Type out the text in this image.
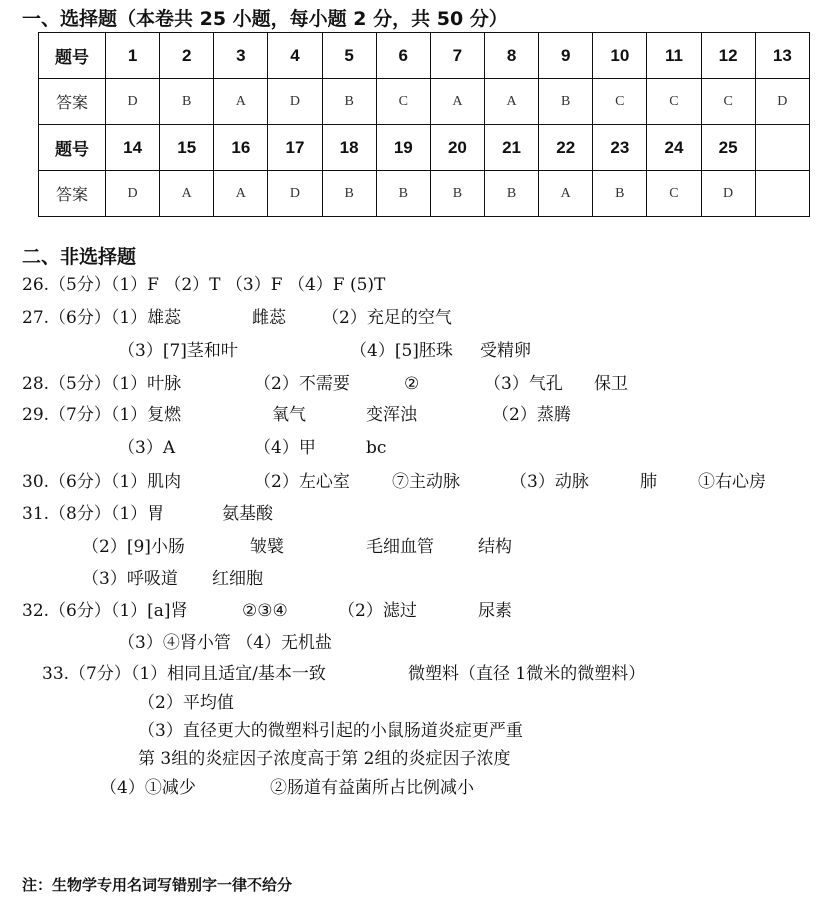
一、选择题（本卷共 25 小题，每小题 2 分，共 50 分）
题号	1	2	3	4	5	6	7	8	9	10	11	12	13
答案	D	B	A	D	B	C	A	A	B	C	C	C	D
题号	14	15	16	17	18	19	20	21	22	23	24	25	
答案	D	A	A	D	B	B	B	B	A	B	C	D	
二、非选择题
26.（5分）（1）F （2）T （3）F （4）F (5)T
27.（6分）（1）雄蕊	雌蕊 （2）充足的空气
（3）[7]茎和叶	（4）[5]胚珠 受精卵
28.（5分）（1）叶脉	（2）不需要	②	（3）气孔 保卫
29.（7分）（1）复燃	氧气	变浑浊	（2）蒸腾
（3）A	（4）甲	bc
30.（6分）（1）肌肉	（2）左心室 ⑦主动脉	（3）动脉	肺 ①右心房
31.（8分）（1）胃	氨基酸
（2）[9]小肠	皱襞	毛细血管	结构
（3）呼吸道 红细胞
32.（6分）（1）[a]肾	②③④	（2）滤过	尿素
（3）④肾小管 （4）无机盐
33.（7分）（1）相同且适宜/基本一致	微塑料（直径 1微米的微塑料）
（2）平均值
（3）直径更大的微塑料引起的小鼠肠道炎症更严重
第 3组的炎症因子浓度高于第 2组的炎症因子浓度
（4）①减少	②肠道有益菌所占比例减小
注：生物学专用名词写错别字一律不给分
